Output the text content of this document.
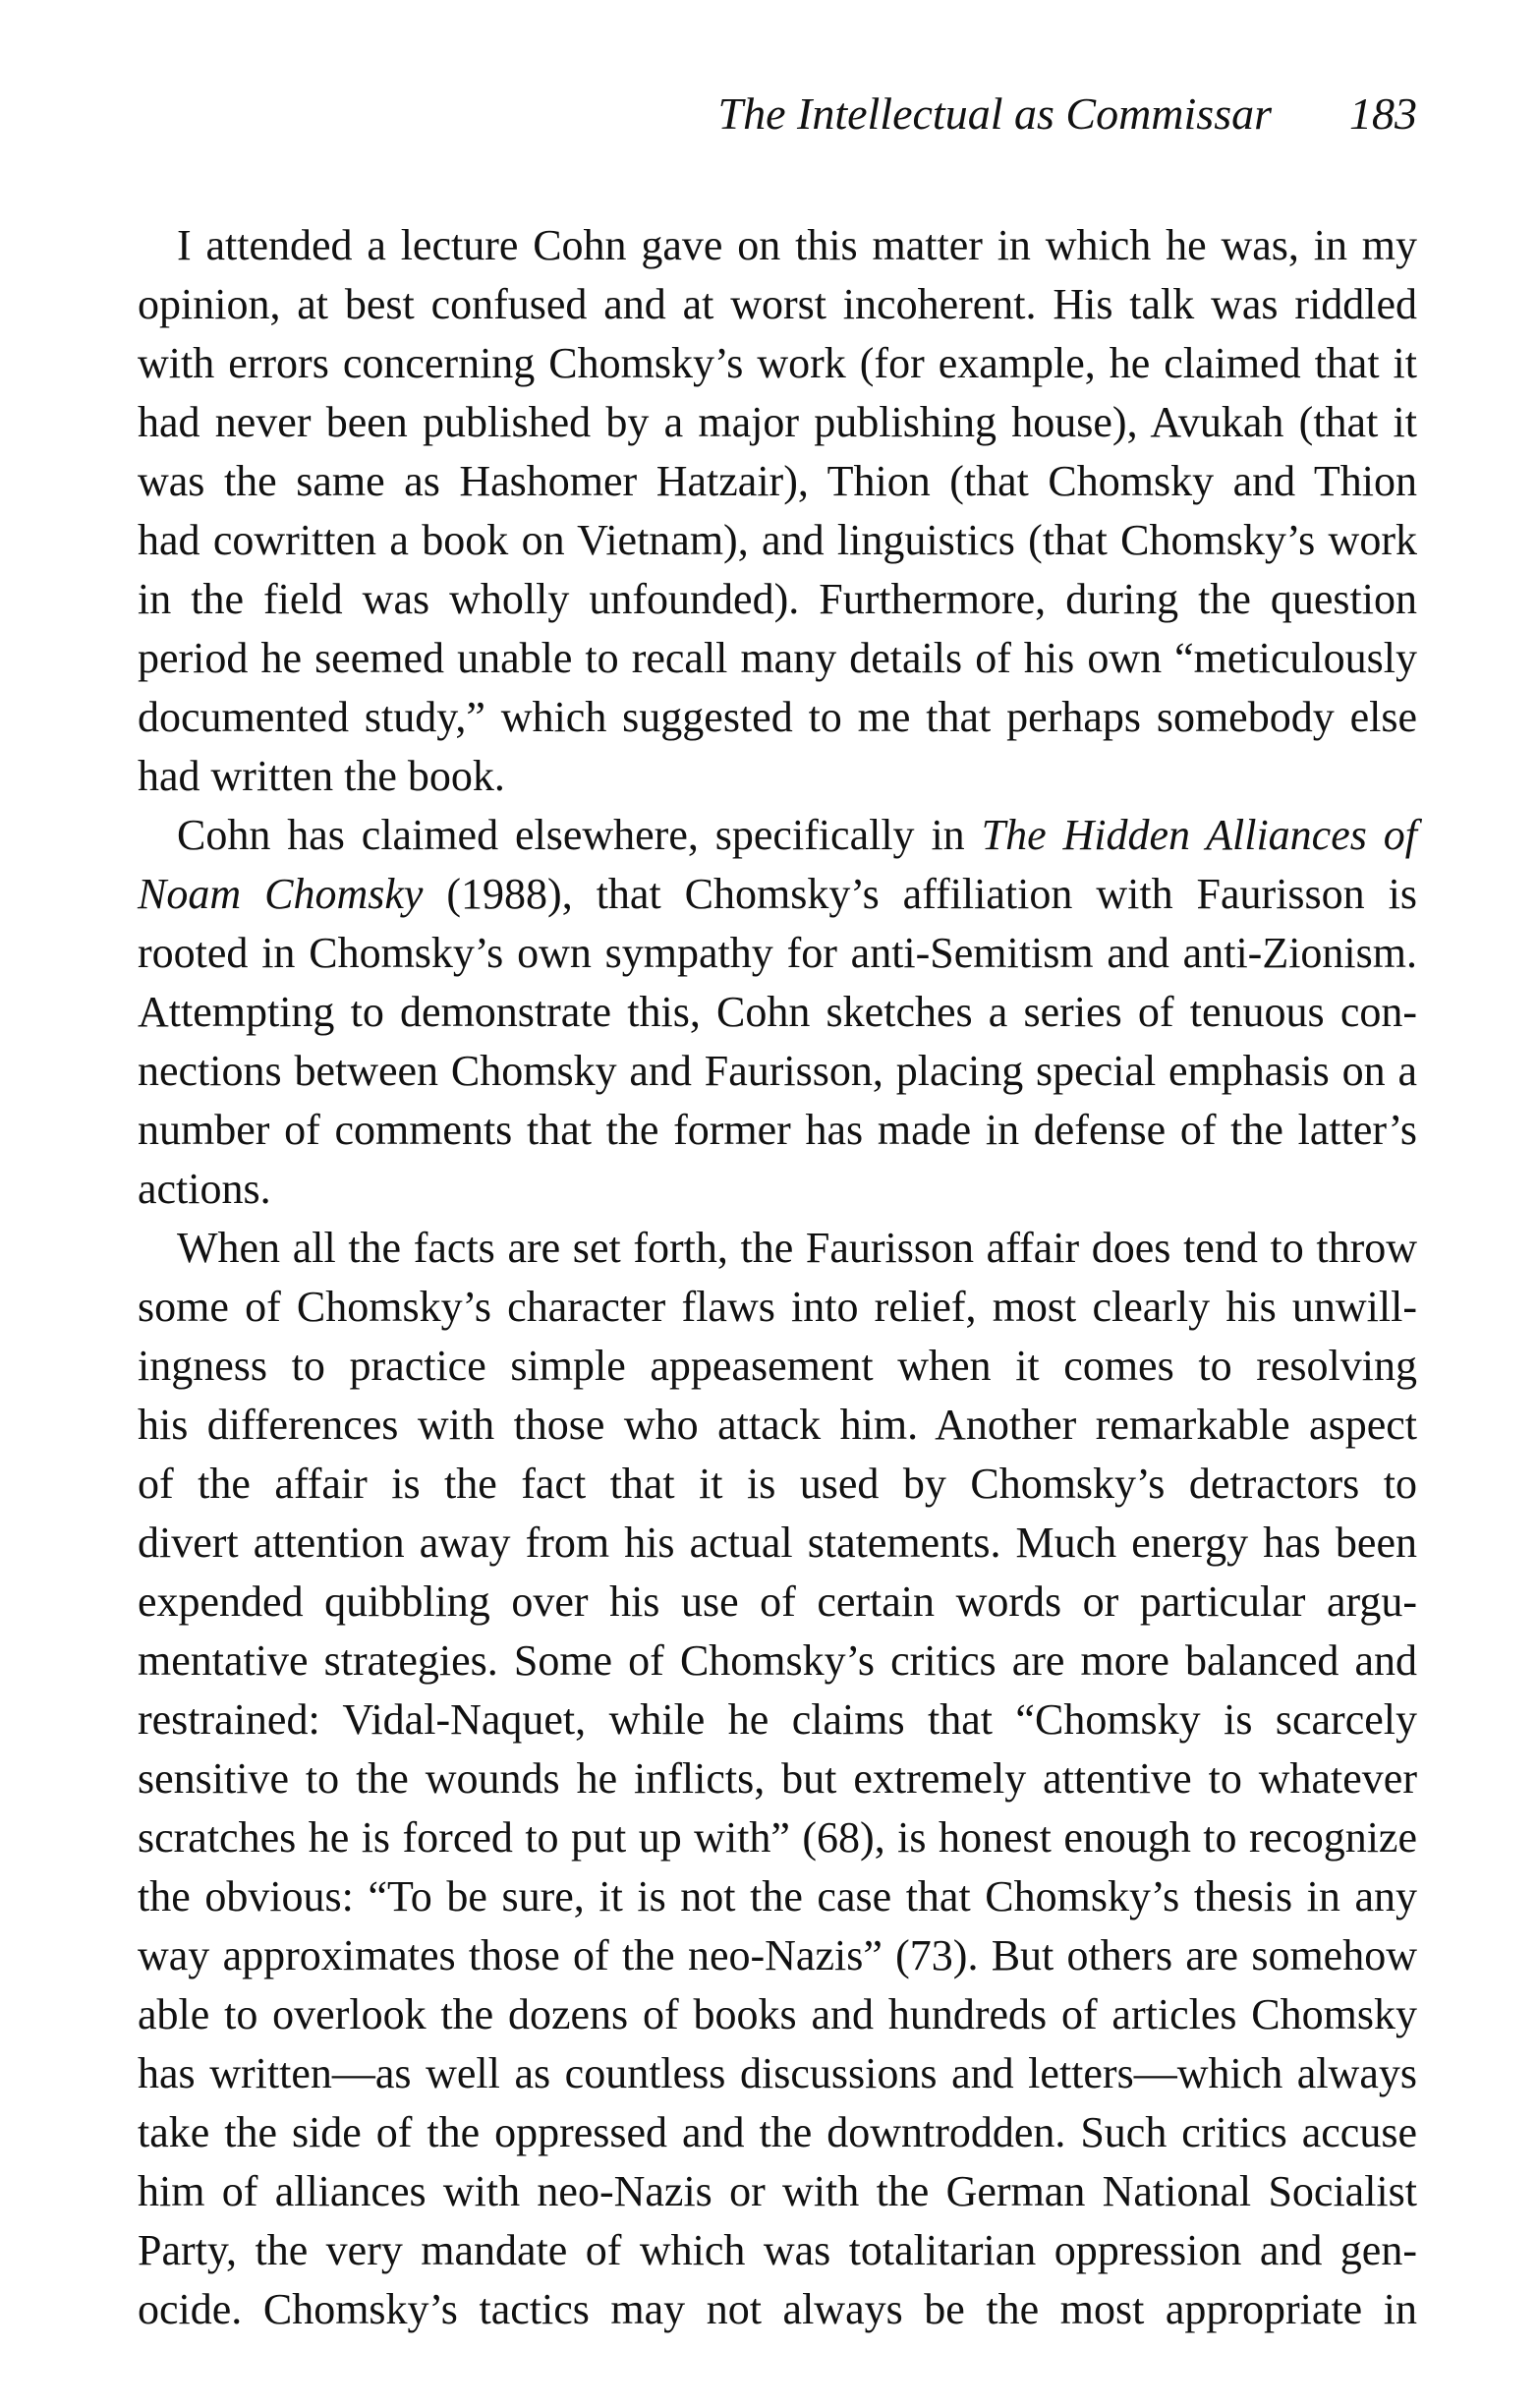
The Intellectual as Commissar 183
I attended a lecture Cohn gave on this matter in which he was, in my
opinion, at best confused and at worst incoherent. His talk was riddled
with errors concerning Chomsky’s work (for example, he claimed that it
had never been published by a major publishing house), Avukah (that it
was the same as Hashomer Hatzair), Thion (that Chomsky and Thion
had cowritten a book on Vietnam), and linguistics (that Chomsky’s work
in the field was wholly unfounded). Furthermore, during the question
period he seemed unable to recall many details of his own “meticulously
documented study,” which suggested to me that perhaps somebody else
had written the book.
Cohn has claimed elsewhere, specifically in The Hidden Alliances of
Noam Chomsky (1988), that Chomsky’s affiliation with Faurisson is
rooted in Chomsky’s own sympathy for anti-Semitism and anti-Zionism.
Attempting to demonstrate this, Cohn sketches a series of tenuous con-
nections between Chomsky and Faurisson, placing special emphasis on a
number of comments that the former has made in defense of the latter’s
actions.
When all the facts are set forth, the Faurisson affair does tend to throw
some of Chomsky’s character flaws into relief, most clearly his unwill-
ingness to practice simple appeasement when it comes to resolving
his differences with those who attack him. Another remarkable aspect
of the affair is the fact that it is used by Chomsky’s detractors to
divert attention away from his actual statements. Much energy has been
expended quibbling over his use of certain words or particular argu-
mentative strategies. Some of Chomsky’s critics are more balanced and
restrained: Vidal-Naquet, while he claims that “Chomsky is scarcely
sensitive to the wounds he inflicts, but extremely attentive to whatever
scratches he is forced to put up with” (68), is honest enough to recognize
the obvious: “To be sure, it is not the case that Chomsky’s thesis in any
way approximates those of the neo-Nazis” (73). But others are somehow
able to overlook the dozens of books and hundreds of articles Chomsky
has written—as well as countless discussions and letters—which always
take the side of the oppressed and the downtrodden. Such critics accuse
him of alliances with neo-Nazis or with the German National Socialist
Party, the very mandate of which was totalitarian oppression and gen-
ocide. Chomsky’s tactics may not always be the most appropriate in
